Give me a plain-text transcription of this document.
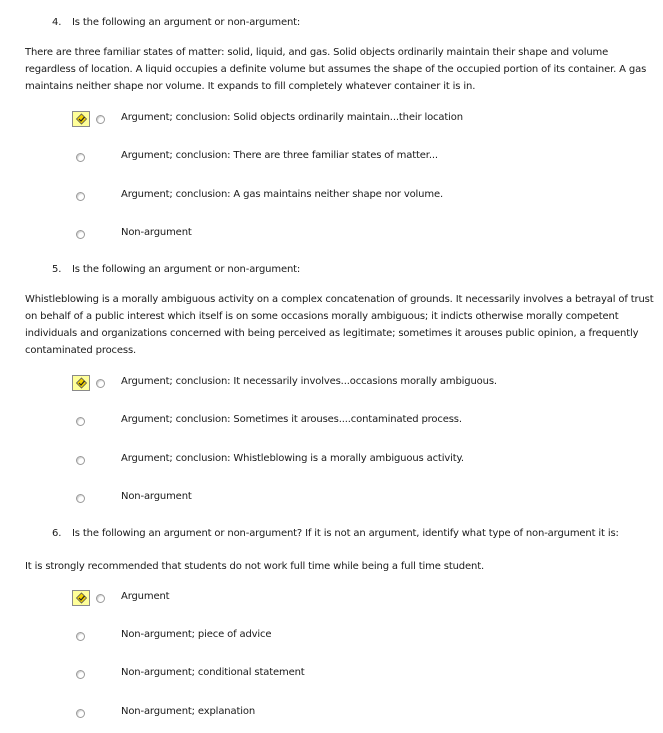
4. Is the following an argument or non-argument:
There are three familiar states of matter: solid, liquid, and gas. Solid objects ordinarily maintain their shape and volume regardless of location. A liquid occupies a definite volume but assumes the shape of the occupied portion of its container. A gas maintains neither shape nor volume. It expands to fill completely whatever container it is in.
Argument; conclusion: Solid objects ordinarily maintain...their location
Argument; conclusion: There are three familiar states of matter...
Argument; conclusion: A gas maintains neither shape nor volume.
Non-argument
5. Is the following an argument or non-argument:
Whistleblowing is a morally ambiguous activity on a complex concatenation of grounds. It necessarily involves a betrayal of trust on behalf of a public interest which itself is on some occasions morally ambiguous; it indicts otherwise morally competent individuals and organizations concerned with being perceived as legitimate; sometimes it arouses public opinion, a frequently contaminated process.
Argument; conclusion: It necessarily involves...occasions morally ambiguous.
Argument; conclusion: Sometimes it arouses....contaminated process.
Argument; conclusion: Whistleblowing is a morally ambiguous activity.
Non-argument
6. Is the following an argument or non-argument? If it is not an argument, identify what type of non-argument it is:
It is strongly recommended that students do not work full time while being a full time student.
Argument
Non-argument; piece of advice
Non-argument; conditional statement
Non-argument; explanation
